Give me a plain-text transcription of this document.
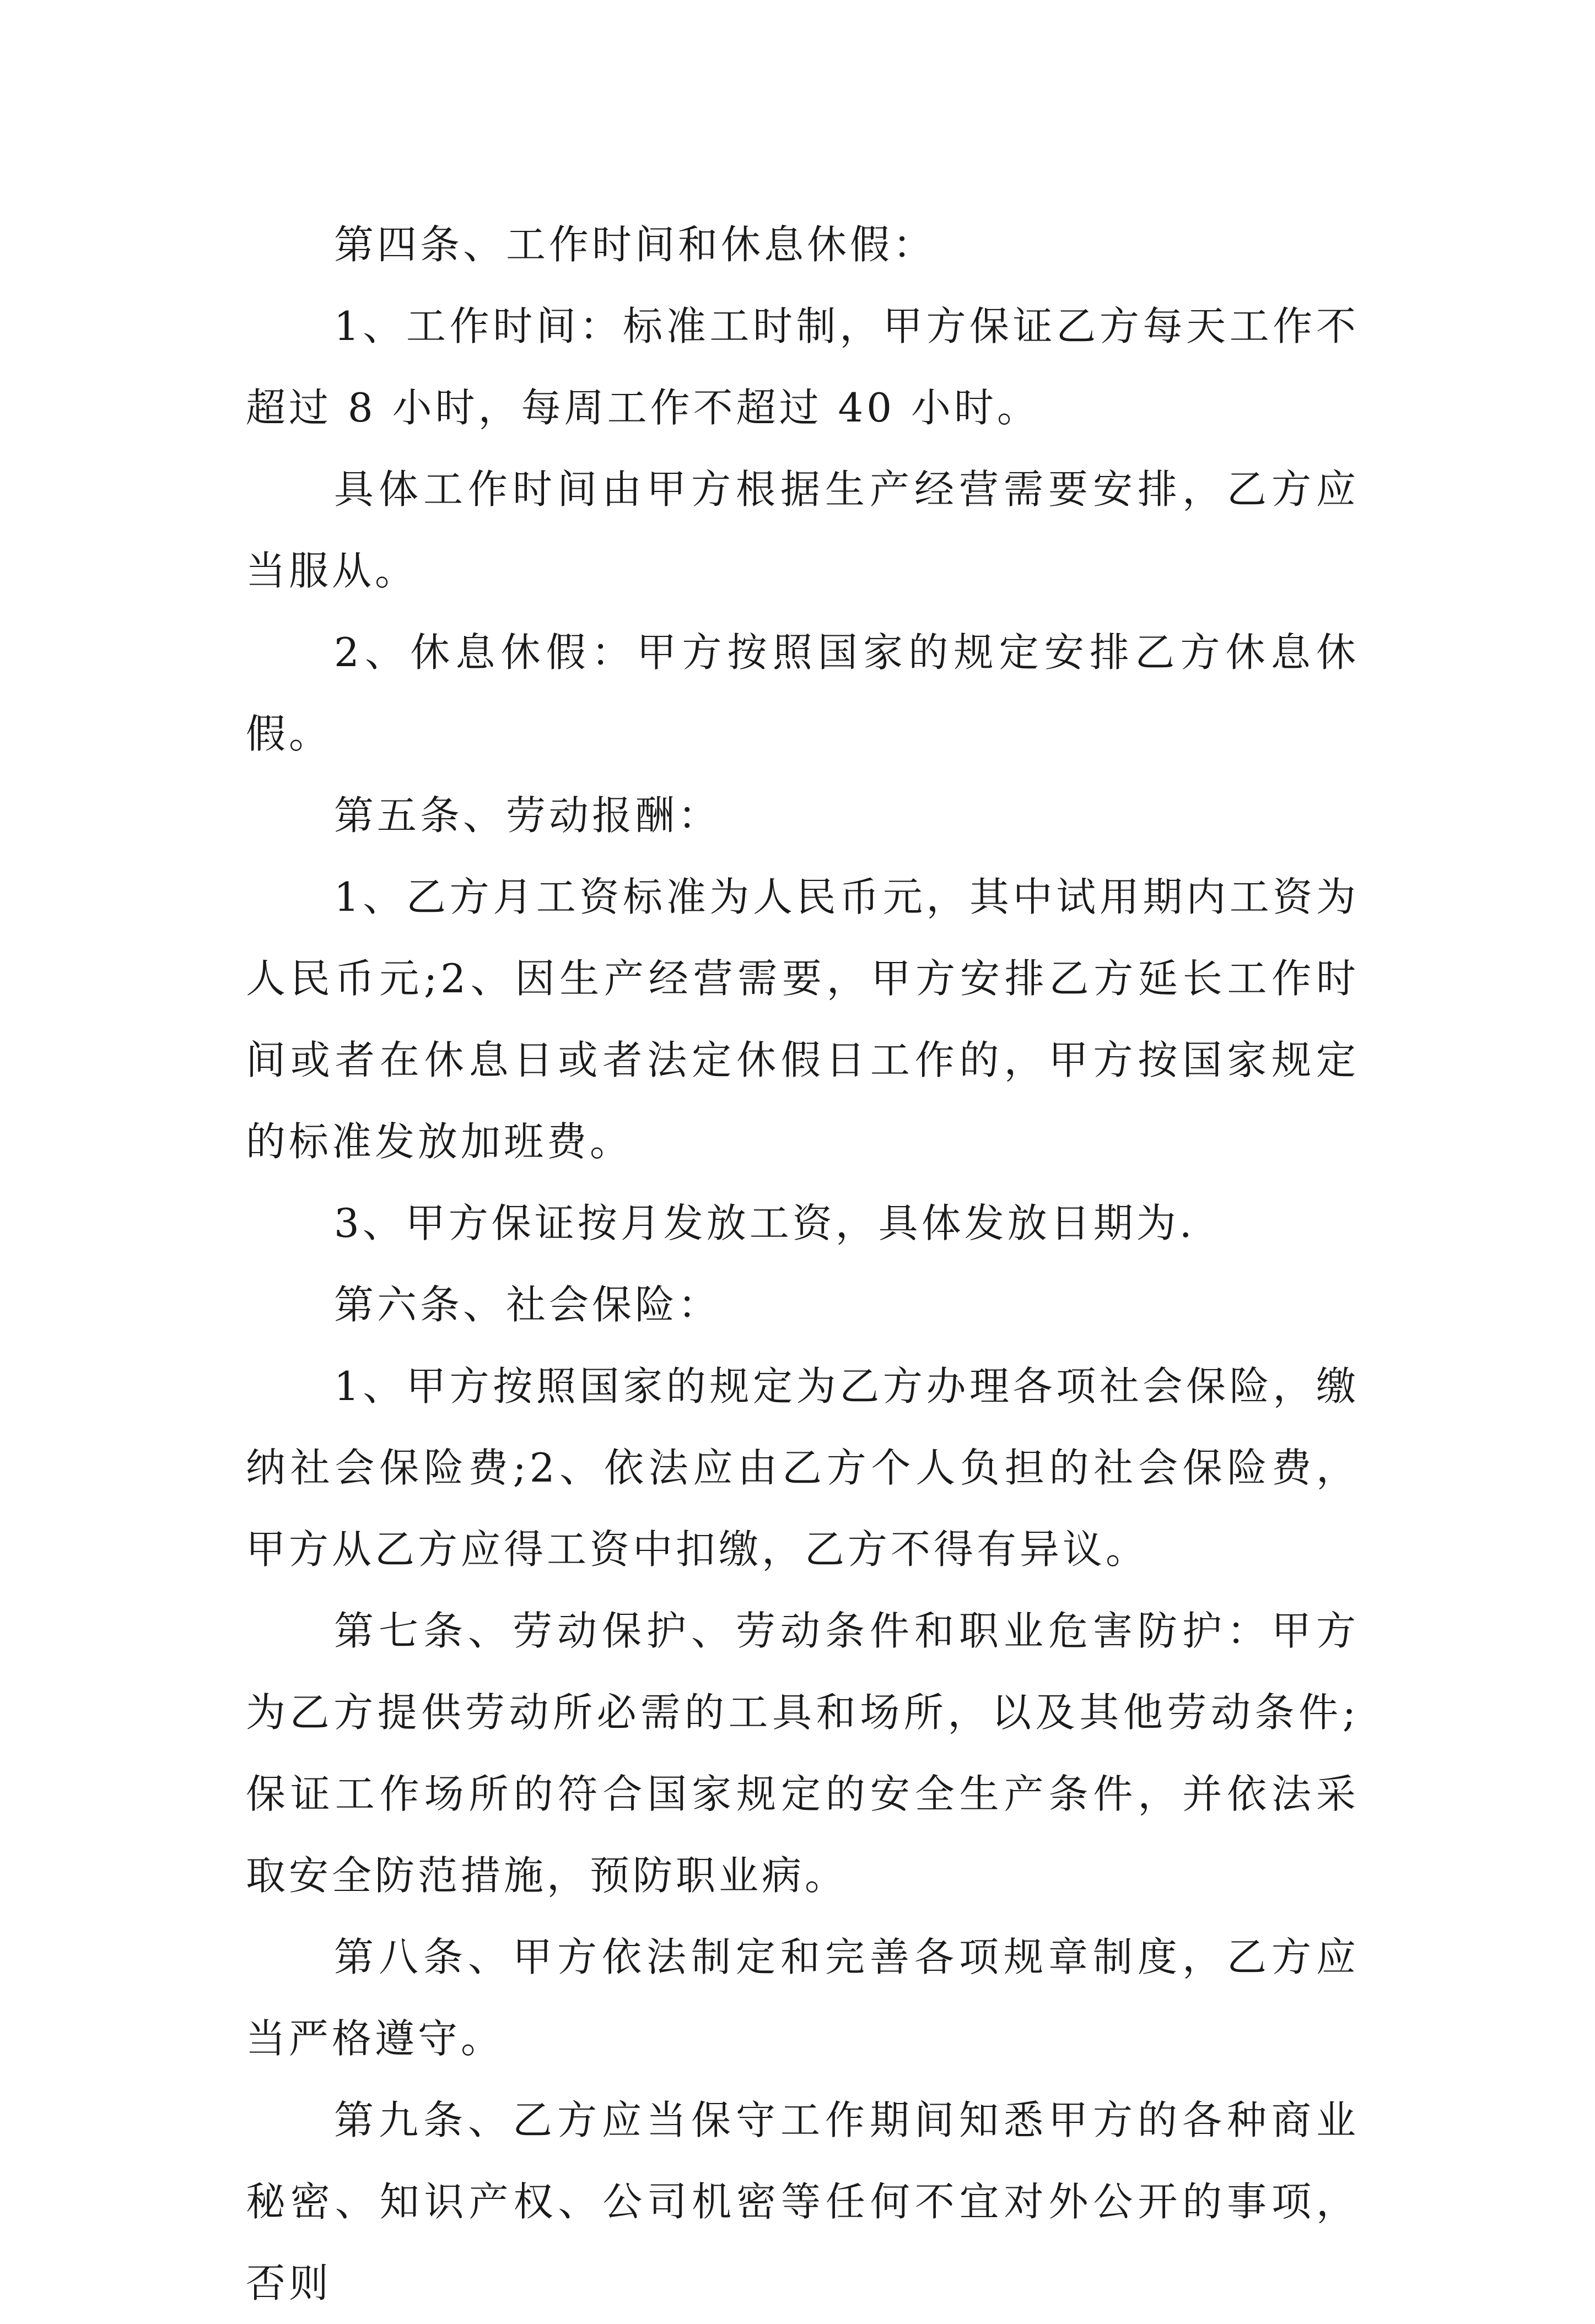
第四条、工作时间和休息休假：

1、工作时间：标准工时制，甲方保证乙方每天工作不超过 8 小时，每周工作不超过 40 小时。

具体工作时间由甲方根据生产经营需要安排，乙方应当服从。

2、休息休假：甲方按照国家的规定安排乙方休息休假。

第五条、劳动报酬：

1、乙方月工资标准为人民币元，其中试用期内工资为人民币元;2、因生产经营需要，甲方安排乙方延长工作时间或者在休息日或者法定休假日工作的，甲方按国家规定的标准发放加班费。

3、甲方保证按月发放工资，具体发放日期为.

第六条、社会保险：

1、甲方按照国家的规定为乙方办理各项社会保险，缴纳社会保险费;2、依法应由乙方个人负担的社会保险费，甲方从乙方应得工资中扣缴，乙方不得有异议。

第七条、劳动保护、劳动条件和职业危害防护：甲方为乙方提供劳动所必需的工具和场所，以及其他劳动条件;保证工作场所的符合国家规定的安全生产条件，并依法采取安全防范措施，预防职业病。

第八条、甲方依法制定和完善各项规章制度，乙方应当严格遵守。

第九条、乙方应当保守工作期间知悉甲方的各种商业秘密、知识产权、公司机密等任何不宜对外公开的事项，否则
